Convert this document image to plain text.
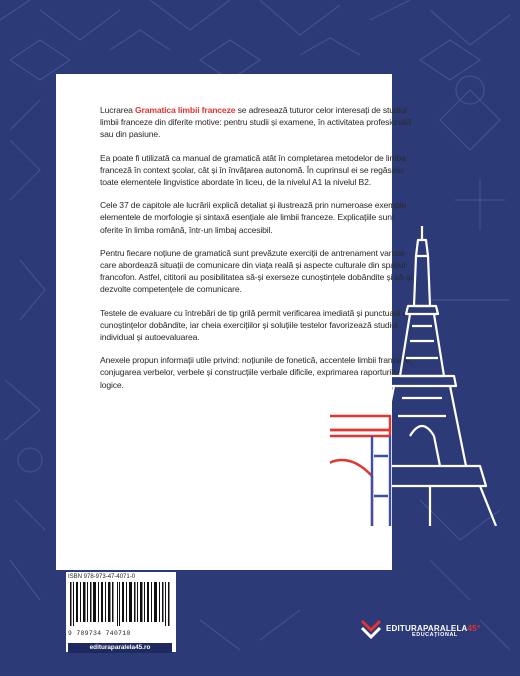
Lucrarea Gramatica limbii franceze se adresează tuturor celor interesați de studiul limbii franceze din diferite motive: pentru studii și examene, în activitatea profesională sau din pasiune.

Ea poate fi utilizată ca manual de gramatică atât în completarea metodelor de limba franceză în context școlar, cât și în învățarea autonomă. În cuprinsul ei se regăsesc toate elementele lingvistice abordate în liceu, de la nivelul A1 la nivelul B2.

Cele 37 de capitole ale lucrării explică detaliat și ilustrează prin numeroase exemple elementele de morfologie și sintaxă esențiale ale limbii franceze. Explicațiile sunt oferite în limba română, într-un limbaj accesibil.

Pentru fiecare noțiune de gramatică sunt prevăzute exerciții de antrenament variate care abordează situații de comunicare din viața reală și aspecte culturale din spațiul francofon. Astfel, cititorii au posibilitatea să-și exerseze cunoștințele dobândite și să-și dezvolte competențele de comunicare.

Testele de evaluare cu întrebări de tip grilă permit verificarea imediată și punctuală a cunoștințelor dobândite, iar cheia exercițiilor și soluțiile testelor favorizează studiul individual și autoevaluarea.

Anexele propun informații utile privind: noțiunile de fonetică, accentele limbii franceze, conjugarea verbelor, verbele și construcțiile verbale dificile, exprimarea raporturilor logice.

ISBN 978-973-47-4071-0
9 789734 740710
edituraparalela45.ro
EDITURAPARALELA45°
EDUCAȚIONAL
